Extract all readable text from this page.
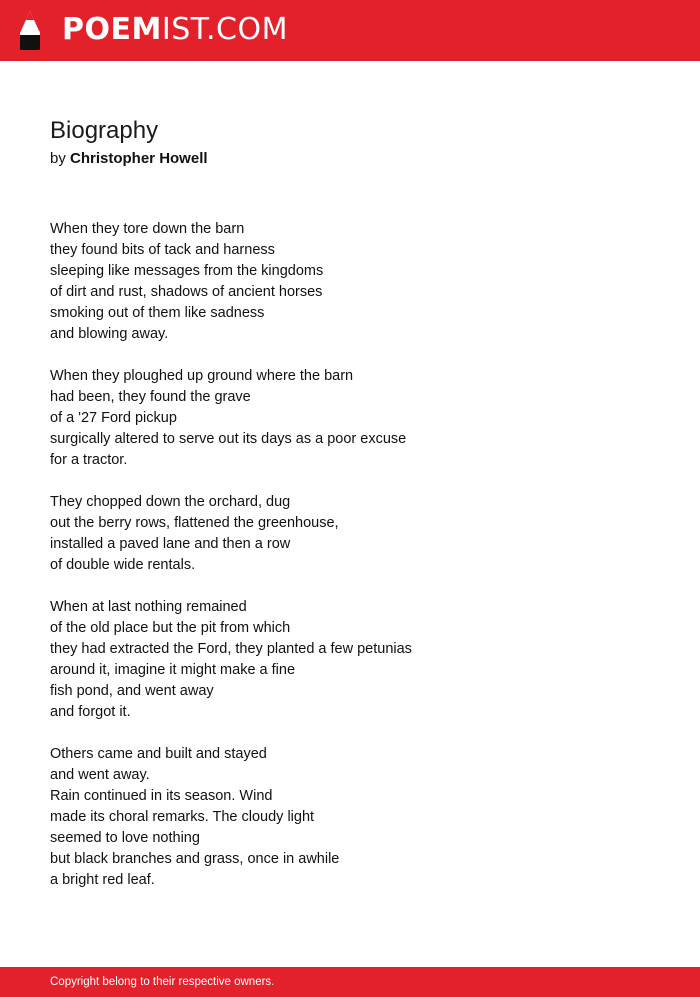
POEMIST.COM
Biography
by Christopher Howell
When they tore down the barn
they found bits of tack and harness
sleeping like messages from the kingdoms
of dirt and rust, shadows of ancient horses
smoking out of them like sadness
and blowing away.
When they ploughed up ground where the barn
had been, they found the grave
of a '27 Ford pickup
surgically altered to serve out its days as a poor excuse
for a tractor.
They chopped down the orchard, dug
out the berry rows, flattened the greenhouse,
installed a paved lane and then a row
of double wide rentals.
When at last nothing remained
of the old place but the pit from which
they had extracted the Ford, they planted a few petunias
around it, imagine it might make a fine
fish pond, and went away
and forgot it.
Others came and built and stayed
and went away.
Rain continued in its season. Wind
made its choral remarks. The cloudy light
seemed to love nothing
but black branches and grass, once in awhile
a bright red leaf.
Copyright belong to their respective owners.
